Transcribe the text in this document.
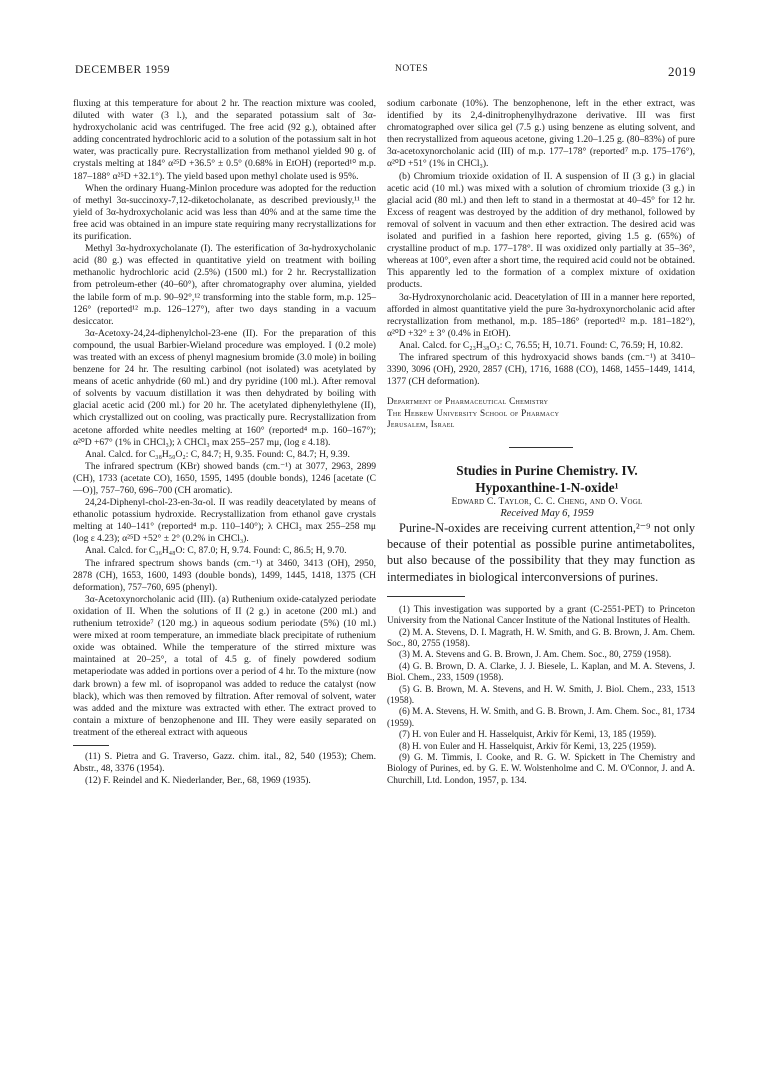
DECEMBER 1959	NOTES	2019

fluxing at this temperature for about 2 hr. The reaction mixture was cooled, diluted with water (3 l.), and the separated potassium salt of 3α-hydroxycholanic acid was centrifuged. The free acid (92 g.), obtained after adding concentrated hydrochloric acid to a solution of the potassium salt in hot water, was practically pure. Recrystallization from methanol yielded 90 g. of crystals melting at 184° α²⁵D +36.5° ± 0.5° (0.68% in EtOH) (reported¹⁰ m.p. 187–188° α²⁵D +32.1°). The yield based upon methyl cholate used is 95%.

When the ordinary Huang-Minlon procedure was adopted for the reduction of methyl 3α-succinoxy-7,12-diketocholanate, as described previously,¹¹ the yield of 3α-hydroxycholanic acid was less than 40% and at the same time the free acid was obtained in an impure state requiring many recrystallizations for its purification.

Methyl 3α-hydroxycholanate (I). The esterification of 3α-hydroxycholanic acid (80 g.) was effected in quantitative yield on treatment with boiling methanolic hydrochloric acid (2.5%) (1500 ml.) for 2 hr. Recrystallization from petroleum-ether (40–60°), after chromatography over alumina, yielded the labile form of m.p. 90–92°,¹² transforming into the stable form, m.p. 125–126° (reported¹² m.p. 126–127°), after two days standing in a vacuum desiccator.

3α-Acetoxy-24,24-diphenylchol-23-ene (II). For the preparation of this compound, the usual Barbier-Wieland procedure was employed. I (0.2 mole) was treated with an excess of phenyl magnesium bromide (3.0 mole) in boiling benzene for 24 hr. The resulting carbinol (not isolated) was acetylated by means of acetic anhydride (60 ml.) and dry pyridine (100 ml.). After removal of solvents by vacuum distillation it was then dehydrated by boiling with glacial acetic acid (200 ml.) for 20 hr. The acetylated diphenylethylene (II), which crystallized out on cooling, was practically pure. Recrystallization from acetone afforded white needles melting at 160° (reported⁴ m.p. 160–167°); α²⁰D +67° (1% in CHCl₃); λ CHCl₃ max 255–257 mμ, (log ε 4.18).

Anal. Calcd. for C₃₈H₅₀O₂: C, 84.7; H, 9.35. Found: C, 84.7; H, 9.39.

The infrared spectrum (KBr) showed bands (cm.⁻¹) at 3077, 2963, 2899 (CH), 1733 (acetate CO), 1650, 1595, 1495 (double bonds), 1246 [acetate (C—O)], 757–760, 696–700 (CH aromatic).

24,24-Diphenyl-chol-23-en-3α-ol. II was readily deacetylated by means of ethanolic potassium hydroxide. Recrystallization from ethanol gave crystals melting at 140–141° (reported⁴ m.p. 110–140°); λ CHCl₃ max 255–258 mμ (log ε 4.23); α²⁵D +52° ± 2° (0.2% in CHCl₃).

Anal. Calcd. for C₃₆H₄₈O: C, 87.0; H, 9.74. Found: C, 86.5; H, 9.70.

The infrared spectrum shows bands (cm.⁻¹) at 3460, 3413 (OH), 2950, 2878 (CH), 1653, 1600, 1493 (double bonds), 1499, 1445, 1418, 1375 (CH deformation), 757–760, 695 (phenyl).

3α-Acetoxynorcholanic acid (III). (a) Ruthenium oxide-catalyzed periodate oxidation of II. When the solutions of II (2 g.) in acetone (200 ml.) and ruthenium tetroxide⁷ (120 mg.) in aqueous sodium periodate (5%) (10 ml.) were mixed at room temperature, an immediate black precipitate of ruthenium oxide was obtained. While the temperature of the stirred mixture was maintained at 20–25°, a total of 4.5 g. of finely powdered sodium metaperiodate was added in portions over a period of 4 hr. To the mixture (now dark brown) a few ml. of isopropanol was added to reduce the catalyst (now black), which was then removed by filtration. After removal of solvent, water was added and the mixture was extracted with ether. The extract proved to contain a mixture of benzophenone and III. They were easily separated on treatment of the ethereal extract with aqueous

(11) S. Pietra and G. Traverso, Gazz. chim. ital., 82, 540 (1953); Chem. Abstr., 48, 3376 (1954).

(12) F. Reindel and K. Niederlander, Ber., 68, 1969 (1935).

sodium carbonate (10%). The benzophenone, left in the ether extract, was identified by its 2,4-dinitrophenylhydrazone derivative. III was first chromatographed over silica gel (7.5 g.) using benzene as eluting solvent, and then recrystallized from aqueous acetone, giving 1.20–1.25 g. (80–83%) of pure 3α-acetoxynorcholanic acid (III) of m.p. 177–178° (reported⁷ m.p. 175–176°), α²⁰D +51° (1% in CHCl₃).

(b) Chromium trioxide oxidation of II. A suspension of II (3 g.) in glacial acetic acid (10 ml.) was mixed with a solution of chromium trioxide (3 g.) in glacial acid (80 ml.) and then left to stand in a thermostat at 40–45° for 12 hr. Excess of reagent was destroyed by the addition of dry methanol, followed by removal of solvent in vacuum and then ether extraction. The desired acid was isolated and purified in a fashion here reported, giving 1.5 g. (65%) of crystalline product of m.p. 177–178°. II was oxidized only partially at 35–36°, whereas at 100°, even after a short time, the required acid could not be obtained. This apparently led to the formation of a complex mixture of oxidation products.

3α-Hydroxynorcholanic acid. Deacetylation of III in a manner here reported, afforded in almost quantitative yield the pure 3α-hydroxynorcholanic acid after recrystallization from methanol, m.p. 185–186° (reported¹² m.p. 181–182°), α²⁰D +32° ± 3° (0.4% in EtOH).

Anal. Calcd. for C₂₃H₃₈O₃: C, 76.55; H, 10.71. Found: C, 76.59; H, 10.82.

The infrared spectrum of this hydroxyacid shows bands (cm.⁻¹) at 3410–3390, 3096 (OH), 2920, 2857 (CH), 1716, 1688 (CO), 1468, 1455–1449, 1414, 1377 (CH deformation).

Department of Pharmaceutical Chemistry
The Hebrew University School of Pharmacy
Jerusalem, Israel

Studies in Purine Chemistry. IV.

Hypoxanthine-1-N-oxide¹

Edward C. Taylor, C. C. Cheng, and O. Vogl

Received May 6, 1959

Purine-N-oxides are receiving current attention,²⁻⁹ not only because of their potential as possible purine antimetabolites, but also because of the possibility that they may function as intermediates in biological interconversions of purines.

(1) This investigation was supported by a grant (C-2551-PET) to Princeton University from the National Cancer Institute of the National Institutes of Health.

(2) M. A. Stevens, D. I. Magrath, H. W. Smith, and G. B. Brown, J. Am. Chem. Soc., 80, 2755 (1958).

(3) M. A. Stevens and G. B. Brown, J. Am. Chem. Soc., 80, 2759 (1958).

(4) G. B. Brown, D. A. Clarke, J. J. Biesele, L. Kaplan, and M. A. Stevens, J. Biol. Chem., 233, 1509 (1958).

(5) G. B. Brown, M. A. Stevens, and H. W. Smith, J. Biol. Chem., 233, 1513 (1958).

(6) M. A. Stevens, H. W. Smith, and G. B. Brown, J. Am. Chem. Soc., 81, 1734 (1959).

(7) H. von Euler and H. Hasselquist, Arkiv för Kemi, 13, 185 (1959).

(8) H. von Euler and H. Hasselquist, Arkiv för Kemi, 13, 225 (1959).

(9) G. M. Timmis, I. Cooke, and R. G. W. Spickett in The Chemistry and Biology of Purines, ed. by G. E. W. Wolstenholme and C. M. O'Connor, J. and A. Churchill, Ltd. London, 1957, p. 134.
